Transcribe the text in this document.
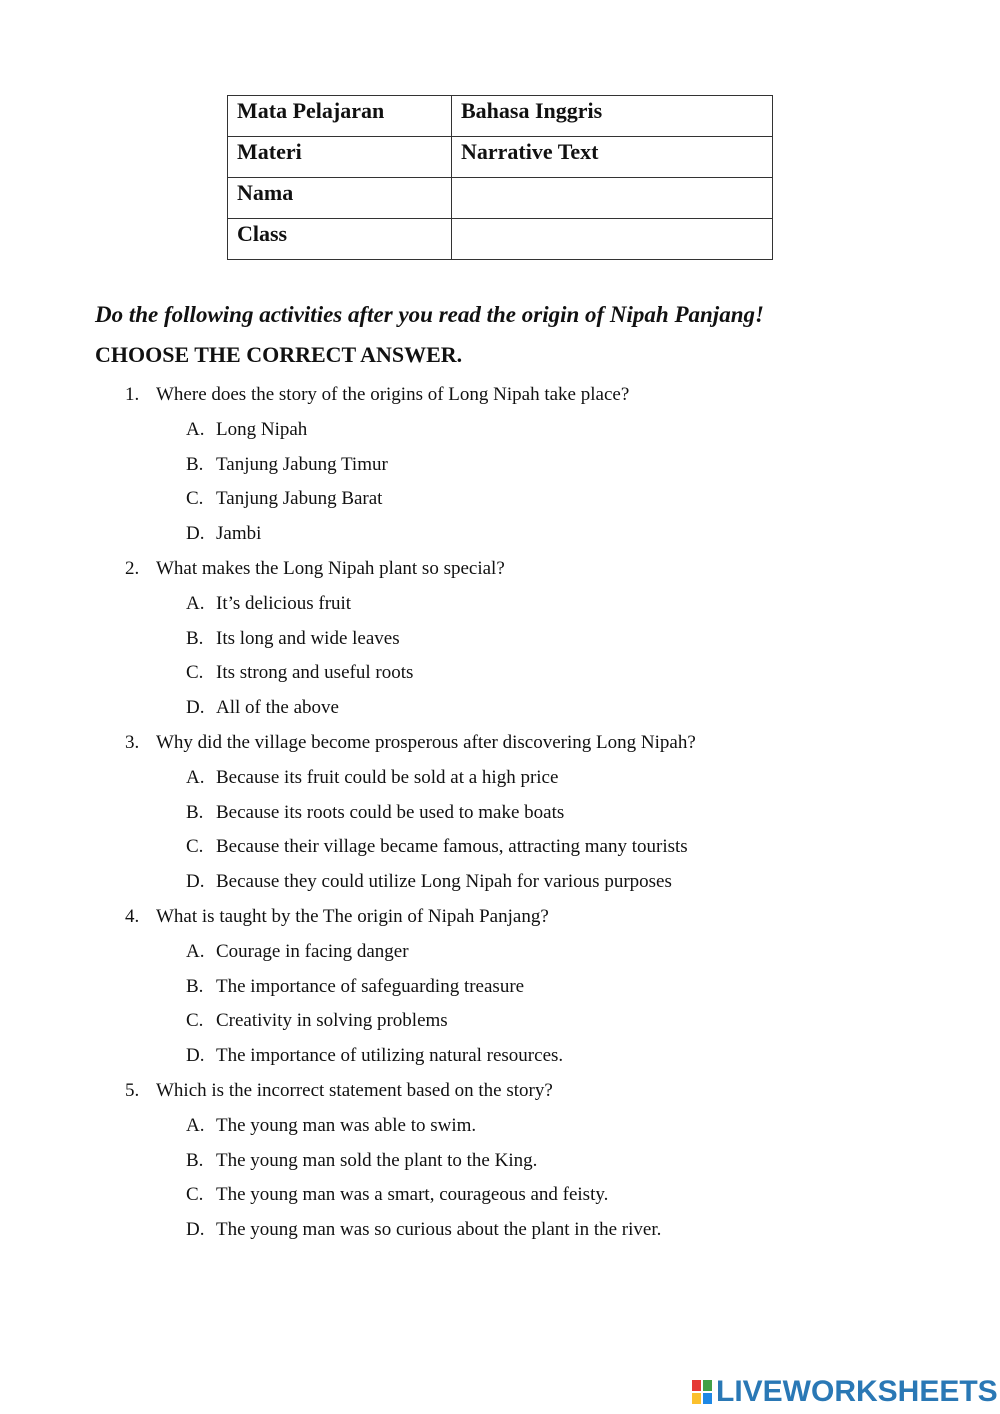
Mata Pelajaran	Bahasa Inggris
Materi	Narrative Text
Nama	
Class	

Do the following activities after you read the origin of Nipah Panjang!

CHOOSE THE CORRECT ANSWER.

1. Where does the story of the origins of Long Nipah take place?
A. Long Nipah
B. Tanjung Jabung Timur
C. Tanjung Jabung Barat
D. Jambi
2. What makes the Long Nipah plant so special?
A. It’s delicious fruit
B. Its long and wide leaves
C. Its strong and useful roots
D. All of the above
3. Why did the village become prosperous after discovering Long Nipah?
A. Because its fruit could be sold at a high price
B. Because its roots could be used to make boats
C. Because their village became famous, attracting many tourists
D. Because they could utilize Long Nipah for various purposes
4. What is taught by the The origin of Nipah Panjang?
A. Courage in facing danger
B. The importance of safeguarding treasure
C. Creativity in solving problems
D. The importance of utilizing natural resources.
5. Which is the incorrect statement based on the story?
A. The young man was able to swim.
B. The young man sold the plant to the King.
C. The young man was a smart, courageous and feisty.
D. The young man was so curious about the plant in the river.
LIVEWORKSHEETS
